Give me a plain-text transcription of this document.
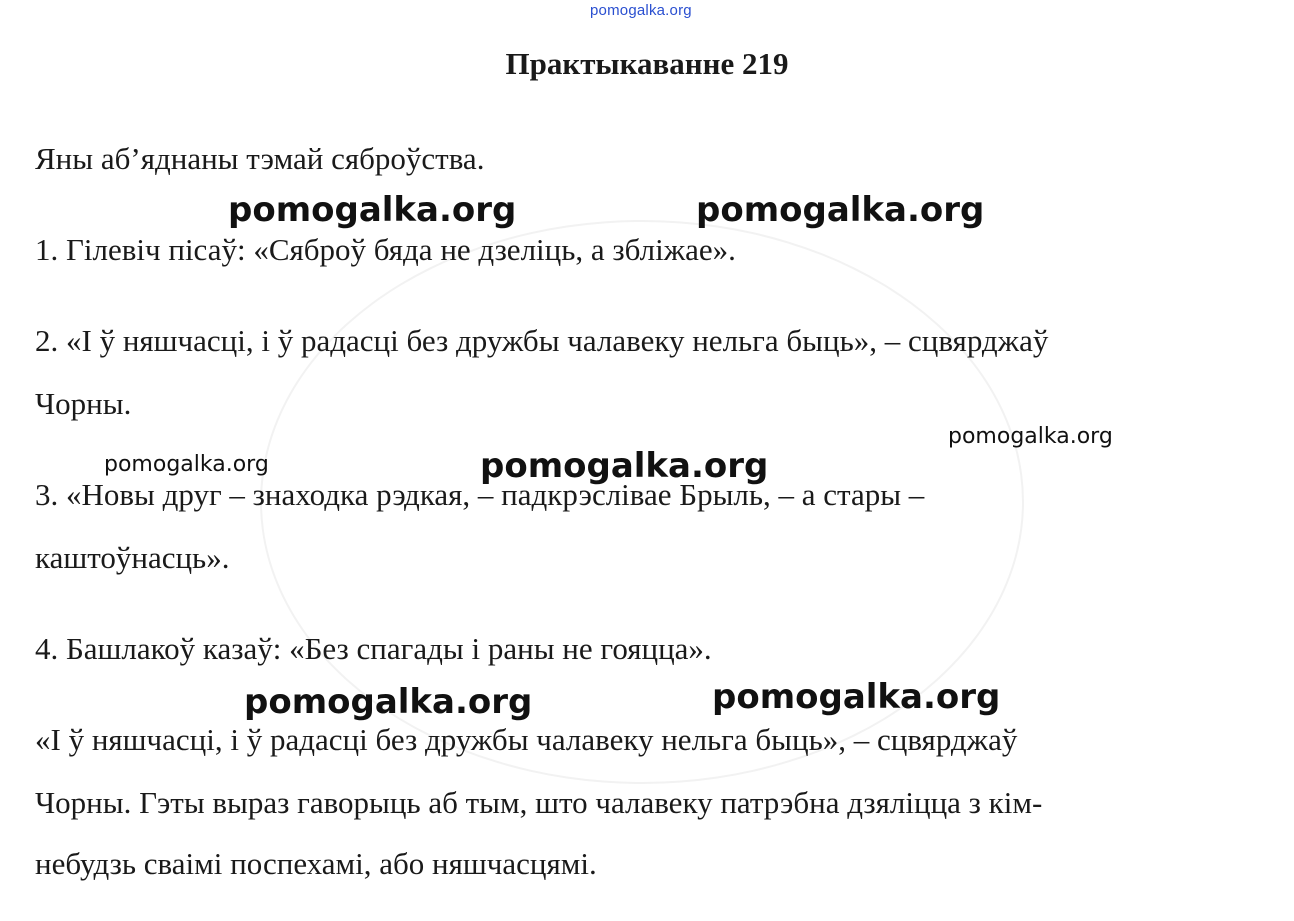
pomogalka.org
Практыкаванне 219

Яны аб’яднаны тэмай сяброўства.

1. Гілевіч пісаў: «Сяброў бяда не дзеліць, а збліжае».

2. «І ў няшчасці, і ў радасці без дружбы чалавеку нельга быць», – сцвярджаў

Чорны.

3. «Новы друг – знаходка рэдкая, – падкрэслівае Брыль, – а стары –

каштоўнасць».

4. Башлакоў казаў: «Без спагады і раны не гояцца».

«І ў няшчасці, і ў радасці без дружбы чалавеку нельга быць», – сцвярджаў

Чорны. Гэты выраз гаворыць аб тым, што чалавеку патрэбна дзяліцца з кім-

небудзь сваімі поспехамі, або няшчасцямі.

pomogalka.org	pomogalka.org
pomogalka.org
pomogalka.org	pomogalka.org
pomogalka.org	pomogalka.org
